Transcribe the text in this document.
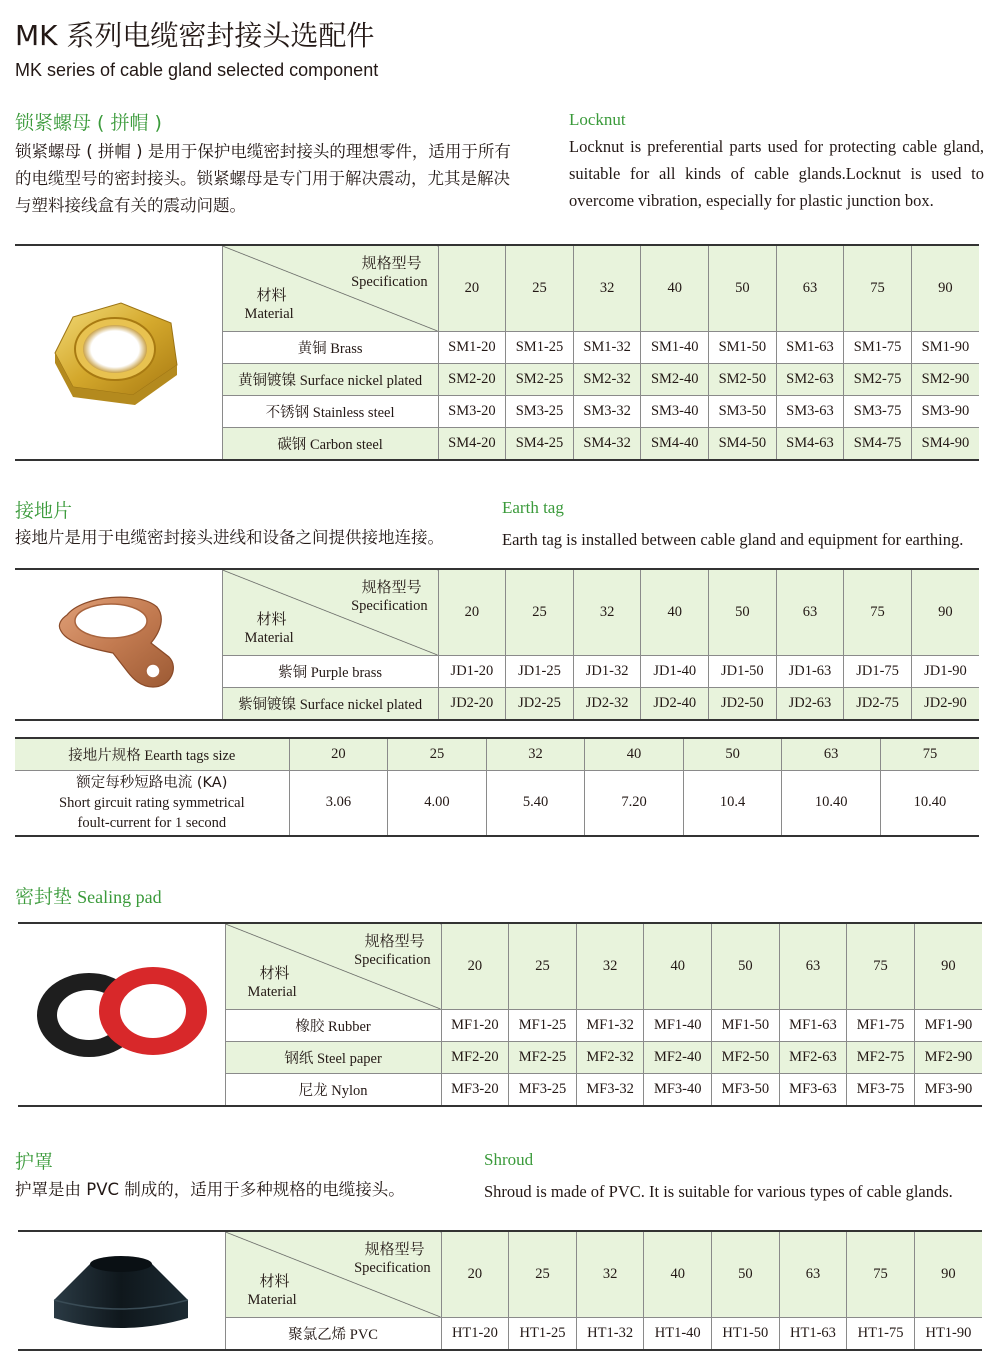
MK 系列电缆密封接头选配件
MK series of cable gland selected component
锁紧螺母 ( 拼帽 )	Locknut
锁紧螺母 ( 拼帽 ) 是用于保护电缆密封接头的理想零件，适用于所有的电缆型号的密封接头。锁紧螺母是专门用于解决震动，尤其是解决与塑料接线盒有关的震动问题。
Locknut is preferential parts used for protecting cable gland, suitable for all kinds of cable glands.Locknut is used to overcome vibration, especially for plastic junction box.

规格型号
Specification
材料
Material	20	25	32	40	50	63	75	90
	黄铜 Brass	SM1-20	SM1-25	SM1-32	SM1-40	SM1-50	SM1-63	SM1-75	SM1-90
	黄铜镀镍 Surface nickel plated	SM2-20	SM2-25	SM2-32	SM2-40	SM2-50	SM2-63	SM2-75	SM2-90
	不锈钢 Stainless steel	SM3-20	SM3-25	SM3-32	SM3-40	SM3-50	SM3-63	SM3-75	SM3-90
	碳钢 Carbon steel	SM4-20	SM4-25	SM4-32	SM4-40	SM4-50	SM4-63	SM4-75	SM4-90
接地片	Earth tag
接地片是用于电缆密封接头进线和设备之间提供接地连接。	Earth tag is installed between cable gland and equipment for earthing.

规格型号
Specification
材料
Material	20	25	32	40	50	63	75	90
	紫铜 Purple brass	JD1-20	JD1-25	JD1-32	JD1-40	JD1-50	JD1-63	JD1-75	JD1-90
	紫铜镀镍 Surface nickel plated	JD2-20	JD2-25	JD2-32	JD2-40	JD2-50	JD2-63	JD2-75	JD2-90
接地片规格 Eearth tags size	20	25	32	40	50	63	75

额定每秒短路电流 (KA)
Short gircuit rating symmetrical
foult-current for 1 second	3.06	4.00	5.40	7.20	10.4	10.40	10.40
密封垫 Sealing pad

规格型号
Specification
材料
Material	20	25	32	40	50	63	75	90
	橡胶 Rubber	MF1-20	MF1-25	MF1-32	MF1-40	MF1-50	MF1-63	MF1-75	MF1-90
	钢纸 Steel paper	MF2-20	MF2-25	MF2-32	MF2-40	MF2-50	MF2-63	MF2-75	MF2-90
	尼龙 Nylon	MF3-20	MF3-25	MF3-32	MF3-40	MF3-50	MF3-63	MF3-75	MF3-90
护罩	Shroud
护罩是由 PVC 制成的，适用于多种规格的电缆接头。	Shroud is made of PVC. It is suitable for various types of cable glands.

规格型号
Specification
材料
Material	20	25	32	40	50	63	75	90
	聚氯乙烯 PVC	HT1-20	HT1-25	HT1-32	HT1-40	HT1-50	HT1-63	HT1-75	HT1-90
